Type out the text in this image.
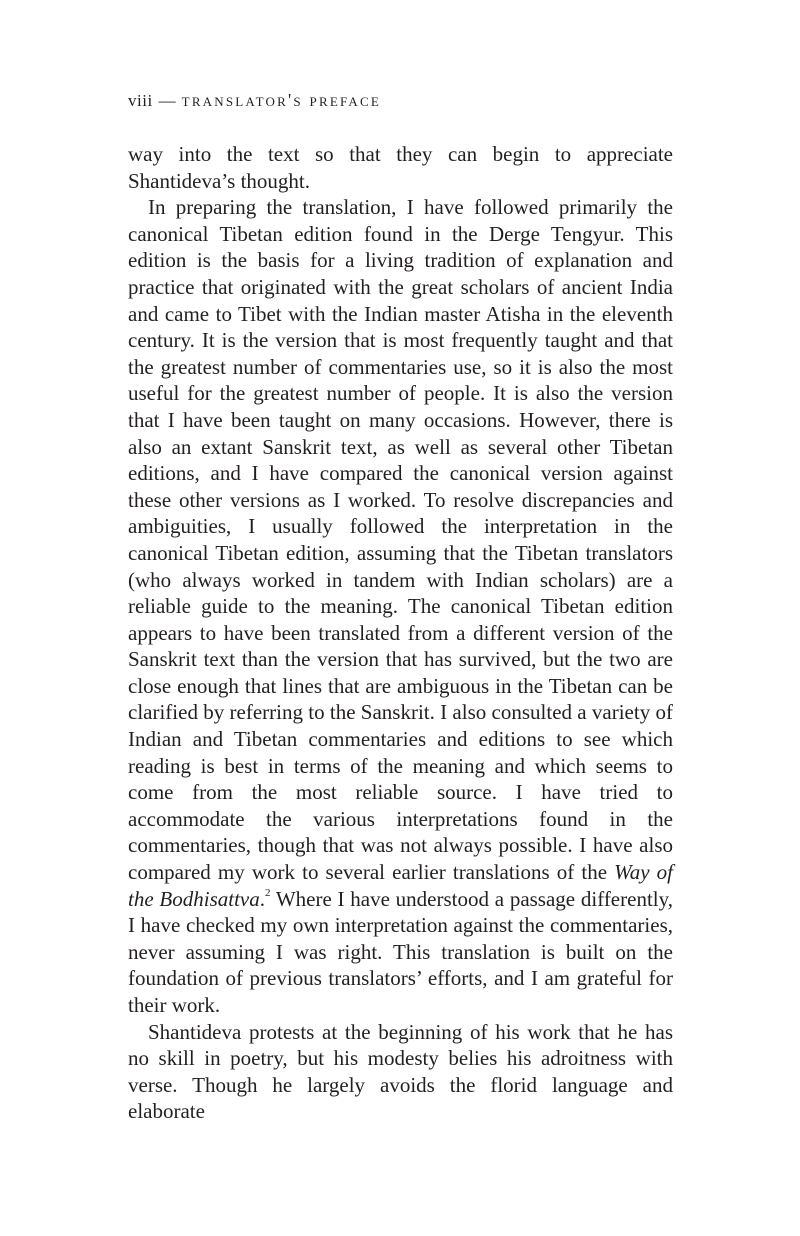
viii — translator's preface

way into the text so that they can begin to appreciate Shantideva’s thought.

In preparing the translation, I have followed primarily the canonical Tibetan edition found in the Derge Tengyur. This edition is the basis for a living tradition of explanation and practice that originated with the great scholars of ancient India and came to Tibet with the Indian master Atisha in the eleventh century. It is the version that is most frequently taught and that the greatest number of commentaries use, so it is also the most useful for the greatest number of people. It is also the version that I have been taught on many occasions. However, there is also an extant Sanskrit text, as well as several other Tibetan editions, and I have compared the canonical version against these other versions as I worked. To resolve discrepancies and ambiguities, I usually followed the interpretation in the canonical Tibetan edition, assuming that the Tibetan translators (who always worked in tandem with Indian scholars) are a reliable guide to the meaning. The canonical Tibetan edition appears to have been translated from a different version of the Sanskrit text than the version that has survived, but the two are close enough that lines that are ambiguous in the Tibetan can be clarified by referring to the Sanskrit. I also consulted a variety of Indian and Tibetan commentaries and editions to see which reading is best in terms of the meaning and which seems to come from the most reliable source. I have tried to accommodate the various interpretations found in the commentaries, though that was not always possible. I have also compared my work to several earlier translations of the Way of the Bodhisattva.$^2$ Where I have understood a passage differently, I have checked my own interpretation against the commentaries, never assuming I was right. This translation is built on the foundation of previous translators’ efforts, and I am grateful for their work.

Shantideva protests at the beginning of his work that he has no skill in poetry, but his modesty belies his adroitness with verse. Though he largely avoids the florid language and elaborate
